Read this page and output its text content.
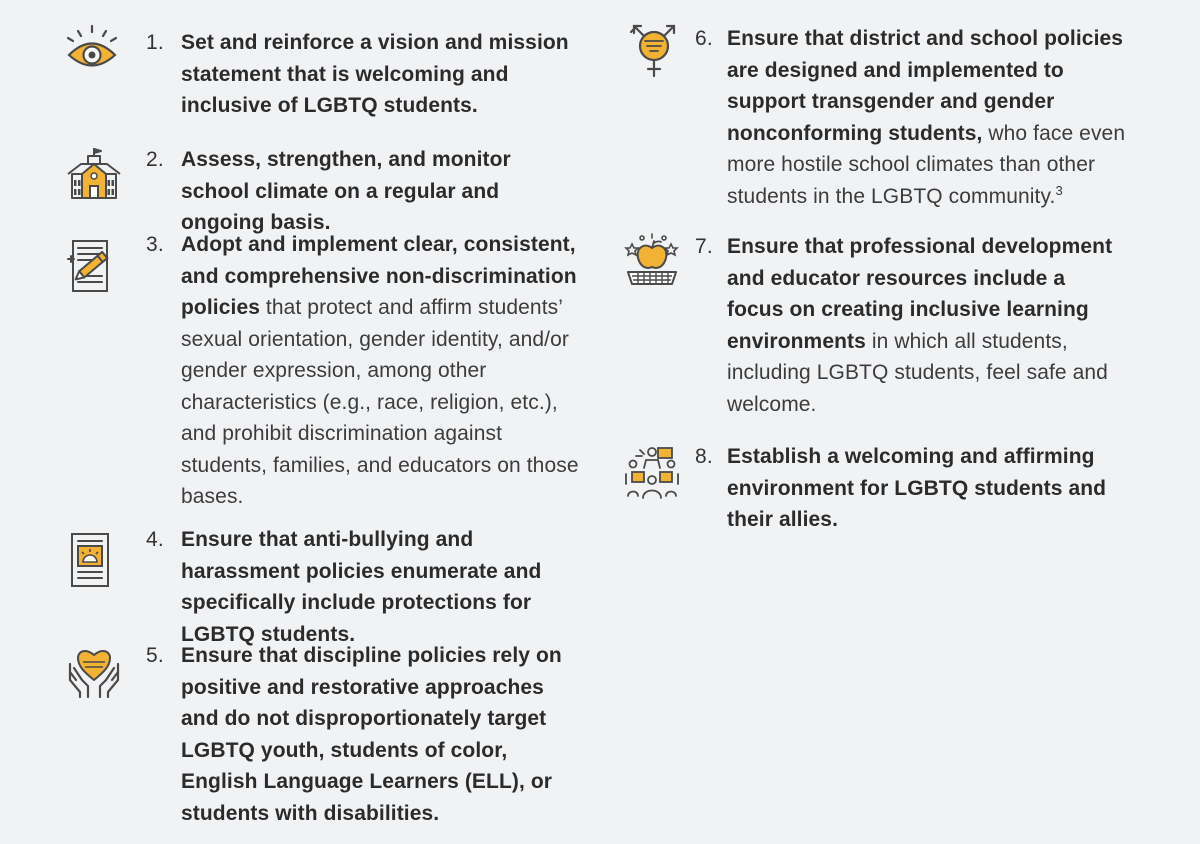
1. Set and reinforce a vision and mission statement that is welcoming and inclusive of LGBTQ students.
2. Assess, strengthen, and monitor school climate on a regular and ongoing basis.
3. Adopt and implement clear, consistent, and comprehensive non-discrimination policies that protect and affirm students’ sexual orientation, gender identity, and/or gender expression, among other characteristics (e.g., race, religion, etc.), and prohibit discrimination against students, families, and educators on those bases.
4. Ensure that anti-bullying and harassment policies enumerate and specifically include protections for LGBTQ students.
5. Ensure that discipline policies rely on positive and restorative approaches and do not disproportionately target LGBTQ youth, students of color, English Language Learners (ELL), or students with disabilities.
6. Ensure that district and school policies are designed and implemented to support transgender and gender nonconforming students, who face even more hostile school climates than other students in the LGBTQ community.$^3$
7. Ensure that professional development and educator resources include a focus on creating inclusive learning environments in which all students, including LGBTQ students, feel safe and welcome.
8. Establish a welcoming and affirming environment for LGBTQ students and their allies.
